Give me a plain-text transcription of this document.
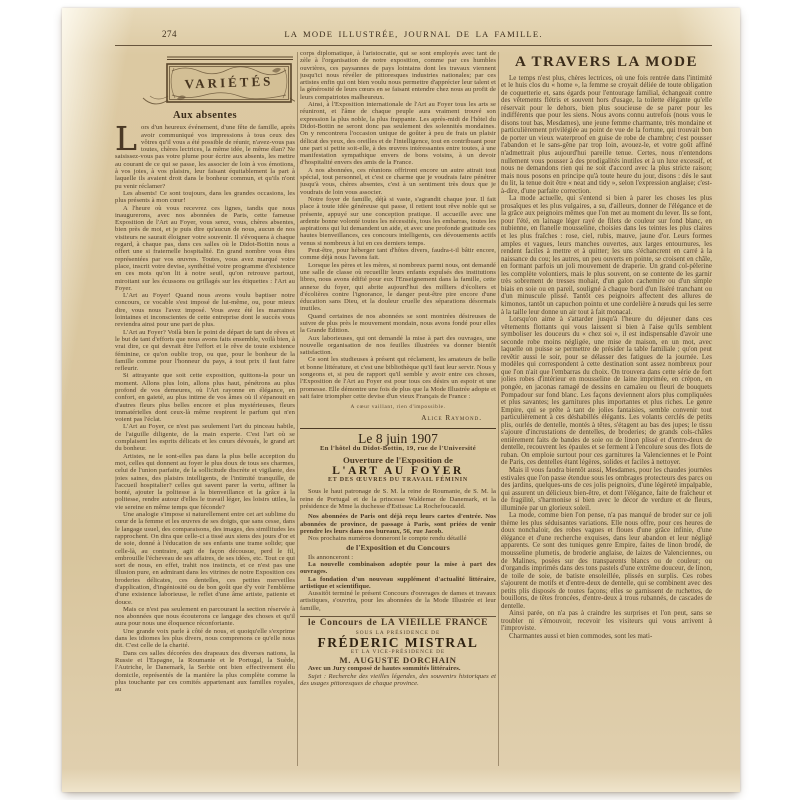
274	LA MODE ILLUSTRÉE, JOURNAL DE LA FAMILLE.
VARIÉTÉS
Aux absentes

Lors d'un heureux événement, d'une fête de famille, après avoir communiqué vos impressions à tous ceux des vôtres qu'il vous a été possible de réunir, n'avez-vous pas toutes, chères lectrices, la même idée, le même élan? Ne saisissez-vous pas votre plume pour écrire aux absents, les mettre au courant de ce qui se passe, les associer de loin à vos émotions, à vos joies, à vos plaisirs, leur faisant équitablement la part à laquelle ils avaient droit dans le bonheur commun, et qu'ils n'ont pu venir réclamer?

Les absents! Ce sont toujours, dans les grandes occasions, les plus présents à mon cœur!

A l'heure où vous recevrez ces lignes, tandis que nous inaugurerons, avec nos abonnées de Paris, cette fameuse Exposition de l'Art au Foyer, vous serez, vous, chères absentes, bien près de moi, et je puis dire qu'aucun de nous, aucun de nos visiteurs ne saurait éloigner votre souvenir. Il s'évoquera à chaque regard, à chaque pas, dans ces salles où le Didot-Bottin nous a offert une si fraternelle hospitalité. En grand nombre vous êtes représentées par vos œuvres. Toutes, vous avez marqué votre place, inscrit votre devise, synthétisé votre programme d'existence en ces mots qu'on lit à notre seuil, qu'on retrouve partout, miroitant sur les écussons ou grillagés sur les étiquettes : l'Art au Foyer.

L'Art au Foyer! Quand nous avons voulu baptiser notre concours, ce vocable s'est imposé de lui-même, ou, pour mieux dire, vous nous l'avez imposé. Vous avez été les marraines lointaines et inconscientes de cette entreprise dont le succès vous reviendra ainsi pour une part de plus.

L'Art au Foyer? Voilà bien le point de départ de tant de rêves et le but de tant d'efforts que nous avons faits ensemble, voilà bien, à vrai dire, ce qui devrait être l'effort et le rêve de toute existence féminine, ce qu'on oublie trop, ou que, pour le bonheur de la famille comme pour l'honneur du pays, à tout prix il faut faire refleurir.

Si attrayante que soit cette exposition, quittons-la pour un moment. Allons plus loin, allons plus haut, pénétrons au plus profond de vos demeures, où l'Art rayonne en élégance, en confort, en gaieté, au plus intime de vos âmes où il s'épanouit en d'autres fleurs plus belles encore et plus mystérieuses, fleurs immatérielles dont ceux-là même respirent le parfum qui n'en voient pas l'éclat.

L'Art au Foyer, ce n'est pas seulement l'art du pinceau habile, de l'aiguille diligente, de la main experte. C'est l'art où se complaisent les esprits délicats et les cœurs dévoués, le grand art du bonheur.

Artistes, ne le sont-elles pas dans la plus belle acception du mot, celles qui donnent au foyer le plus doux de tous ses charmes, celui de l'union parfaite, de la sollicitude discrète et vigilante, des joies saines, des plaisirs intelligents, de l'intimité tranquille, de l'accueil hospitalier? celles qui savent parer la vertu, affiner la bonté, ajouter la politesse à la bienveillance et la grâce à la politesse, rendre autour d'elles le travail léger, les loisirs utiles, la vie sereine en même temps que féconde?

Une analogie s'impose si naturellement entre cet art sublime du cœur de la femme et les œuvres de ses doigts, que sans cesse, dans le langage usuel, des comparaisons, des images, des similitudes les rapprochent. On dira que celle-ci a tissé aux siens des jours d'or et de soie, donné à l'éducation de ses enfants une trame solide; que celle-là, au contraire, agit de façon décousue, perd le fil, embrouille l'écheveau de ses affaires, de ses idées, etc. Tout ce qui sort de nous, en effet, trahit nos instincts, et ce n'est pas une illusion pure, en admirant dans les vitrines de notre Exposition ces broderies délicates, ces dentelles, ces petites merveilles d'application, d'ingéniosité ou de bon goût que d'y voir l'emblème d'une existence laborieuse, le reflet d'une âme artiste, patiente et douce.

Mais ce n'est pas seulement en parcourant la section réservée à nos abonnées que nous écouterons ce langage des choses et qu'il aura pour nous une éloquence réconfortante.

Une grande voix parle à côté de nous, et quoiqu'elle s'exprime dans les idiomes les plus divers, nous comprenons ce qu'elle nous dit. C'est celle de la charité.

Dans ces salles décorées des drapeaux des diverses nations, la Russie et l'Espagne, la Roumanie et le Portugal, la Suède, l'Autriche, le Danemark, la Serbie ont bien effectivement élu domicile, représentés de la manière la plus complète comme la plus touchante par ces comités appartenant aux familles royales, au

corps diplomatique, à l'aristocratie, qui se sont employés avec tant de zèle à l'organisation de notre exposition, comme par ces humbles ouvrières, ces paysannes de pays lointains dont les travaux viennent jusqu'ici nous révéler de pittoresques industries nationales; par ces artistes enfin qui ont bien voulu nous permettre d'apprécier leur talent et la générosité de leurs cœurs en se faisant entendre chez nous au profit de leurs compatriotes malheureux.

Ainsi, à l'Exposition internationale de l'Art au Foyer tous les arts se réuniront, et l'âme de chaque peuple aura vraiment trouvé son expression la plus noble, la plus frappante. Les après-midi de l'hôtel du Didot-Bottin ne seront donc pas seulement des solennités mondaines. On y rencontrera l'occasion unique de goûter à peu de frais un plaisir délicat des yeux, des oreilles et de l'intelligence, tout en contribuant pour une part si petite soit-elle, à des œuvres intéressantes entre toutes, à une manifestation sympathique envers de bons voisins, à un devoir d'hospitalité envers des amis de la France.

A nos abonnées, ces réunions offriront encore un autre attrait tout spécial, tout personnel, et c'est ce charme que je voudrais faire pénétrer jusqu'à vous, chères absentes, c'est à un sentiment très doux que je voudrais de loin vous associer.

Notre foyer de famille, déjà si vaste, s'agrandit chaque jour. Il fait place à toute idée généreuse qui passe, il retient tout rêve noble qui se présente, appuyé sur une conception pratique. Il accueille avec une ardente bonne volonté toutes les nécessités, tous les embarras, toutes les aspirations qui lui demandent un aide, et avec une profonde gratitude ces hautes bienveillances, ces concours intelligents, ces dévouements actifs venus si nombreux à lui en ces derniers temps.

Peut-être, pour héberger tant d'hôtes divers, faudra-t-il bâtir encore, comme déjà nous l'avons fait.

Lorsque les pères et les mères, si nombreux parmi nous, ont demandé une salle de classe où recueillir leurs enfants expulsés des institutions libres, nous avons édifié pour eux l'Enseignement dans la famille, cette annexe du foyer, qui abrite aujourd'hui des milliers d'écoliers et d'écolières contre l'ignorance, le danger peut-être pire encore d'une éducation sans Dieu, et la douleur cruelle des séparations désormais inutiles.

Quand certaines de nos abonnées se sont montrées désireuses de suivre de plus près le mouvement mondain, nous avons fondé pour elles la Grande Édition.

Aux laborieuses, qui ont demandé la mise à part des ouvrages, une nouvelle organisation de nos feuilles illustrées va donner bientôt satisfaction.

Ce sont les studieuses à présent qui réclament, les amateurs de belle et bonne littérature, et c'est une bibliothèque qu'il faut leur servir. Nous y songeons et, si peu de rapport qu'il semble y avoir entre ces choses, l'Exposition de l'Art au Foyer est pour tous ces désirs un espoir et une promesse. Elle démontre une fois de plus que la Mode Illustrée adopte et sait faire triompher cette devise d'un vieux Français de France :

A cœur vaillant, rien d'impossible.

Alice Raymond.

Le 8 juin 1907
En l'hôtel du Didot-Bottin, 19, rue de l'Université
Ouverture de l'Exposition de
L'ART AU FOYER
ET DES ŒUVRES DU TRAVAIL FÉMININ

Sous le haut patronage de S. M. la reine de Roumanie, de S. M. la reine de Portugal et de la princesse Waldemar de Danemark, et la présidence de Mme la duchesse d'Estissac La Rochefoucauld.

Nos abonnées de Paris ont déjà reçu leurs cartes d'entrée. Nos abonnées de province, de passage à Paris, sont priées de venir prendre les leurs dans nos bureaux, 56, rue Jacob.

Nos prochains numéros donneront le compte rendu détaillé

de l'Exposition et du Concours

Ils annonceront :

La nouvelle combinaison adoptée pour la mise à part des ouvrages.

La fondation d'un nouveau supplément d'actualité littéraire, artistique et scientifique.

Aussitôt terminé le présent Concours d'ouvrages de dames et travaux artistiques, s'ouvrira, pour les abonnées de la Mode Illustrée et leur famille,

le Concours de LA VIEILLE FRANCE
SOUS LA PRÉSIDENCE DE
FRÉDERIC MISTRAL
ET LA VICE-PRÉSIDENCE DE
M. AUGUSTE DORCHAIN

Avec un Jury composé de hautes sommités littéraires.

Sujet : Recherche des vieilles légendes, des souvenirs historiques et des usages pittoresques de chaque province.

A TRAVERS LA MODE

Le temps n'est plus, chères lectrices, où une fois rentrée dans l'intimité et le huis clos du « home », la femme se croyait déliée de toute obligation de coquetterie et, sans égards pour l'entourage familial, échangeait contre des vêtements flétris et souvent hors d'usage, la toilette élégante qu'elle réservait pour le dehors, bien plus soucieuse de se parer pour les indifférents que pour les siens. Nous avons connu autrefois (nous vous le disons tout bas, Mesdames), une jeune femme charmante, très mondaine et particulièrement privilégiée au point de vue de la fortune, qui trouvait bon de porter un vieux waterproof en guise de robe de chambre; c'est pousser l'abandon et le sans-gêne par trop loin, avouez-le, et votre goût affiné n'admettrait plus aujourd'hui pareille tenue. Certes, nous n'entendons nullement vous pousser à des prodigalités inutiles et à un luxe excessif, et nous ne demandons rien qui ne soit d'accord avec la plus stricte raison; mais nous posons en principe qu'à toute heure du jour, disons : dès le saut du lit, la tenue doit être « neat and tidy », selon l'expression anglaise; c'est-à-dire, d'une parfaite correction.

La mode actuelle, qui s'entend si bien à parer les choses les plus prosaïques et les plus vulgaires, a su, d'ailleurs, donner de l'élégance et de la grâce aux peignoirs mêmes que l'on met au moment du lever. Ils se font, pour l'été, en lainage léger rayé de filets de couleur sur fond blanc, en nubienne, en flanelle mousseline, choisies dans les teintes les plus claires et les plus fraîches : rose, ciel, rubis, mauve, jaune d'or. Leurs formes amples et vagues, leurs manches ouvertes, aux larges entournures, les rendent faciles à mettre et à quitter; les uns s'échancrent en carré à la naissance du cou; les autres, un peu ouverts en pointe, se croisent en châle, en formant parfois un joli mouvement de draperie. Un grand col-pèlerine les complète volontiers, mais le plus souvent, on se contente de les garnir très sobrement de tresses mohair, d'un galon cachemire ou d'un simple biais en soie ou en pareil, souligné à chaque bord d'un liséré tranchant ou d'un minuscule plissé. Tantôt ces peignoirs affectent des allures de kimonos, tantôt un capuchon pointu et une cordelière à nœuds qui les serre à la taille leur donne un air tout à fait monacal.

Lorsqu'on aime à s'attarder jusqu'à l'heure du déjeuner dans ces vêtements flottants qui vous laissent si bien à l'aise qu'ils semblent symboliser les douceurs du « chez soi », il est indispensable d'avoir une seconde robe moins négligée, une mise de maison, en un mot, avec laquelle on puisse se permettre de présider la table familiale ; qu'on peut revêtir aussi le soir, pour se délasser des fatigues de la journée. Les modèles qui correspondent à cette destination sont assez nombreux pour que l'on n'ait que l'embarras du choix. On trouvera dans cette série de fort jolies robes d'intérieur en mousseline de laine imprimée, en crépon, en pongée, en jaconas ramagé de dessins en camaïeu ou fleuri de bouquets Pompadour sur fond blanc. Les façons deviennent alors plus compliquées et plus savantes; les garnitures plus importantes et plus riches. Le genre Empire, qui se prête à tant de jolies fantaisies, semble convenir tout particulièrement à ces déshabillés élégants. Les volants cerclés de petits plis, ourlés de dentelle, montés à têtes, s'étagent au bas des jupes; le tissu s'ajoure d'incrustations de dentelles, de broderies; de grands cols-châles entièrement faits de bandes de soie ou de linon plissé et d'entre-deux de dentelle, recouvrent les épaules et se ferment à l'encolure sous des flots de ruban. On emploie surtout pour ces garnitures la Valenciennes et le Point de Paris, ces dentelles étant légères, solides et faciles à nettoyer.

Mais il vous faudra bientôt aussi, Mesdames, pour les chaudes journées estivales que l'on passe étendue sous les ombrages protecteurs des parcs ou des jardins, quelques-uns de ces jolis peignoirs, d'une légèreté impalpable, qui assurent un délicieux bien-être, et dont l'élégance, faite de fraîcheur et de fragilité, s'harmonise si bien avec le décor de verdure et de fleurs, illuminée par un glorieux soleil.

La mode, comme bien l'on pense, n'a pas manqué de broder sur ce joli thème les plus séduisantes variations. Elle nous offre, pour ces heures de doux nonchaloir, des robes vagues et floues d'une grâce infinie, d'une élégance et d'une recherche exquises, dans leur abandon et leur négligé apparents. Ce sont des tuniques genre Empire, faites de linon brodé, de mousseline plumetis, de broderie anglaise, de laizes de Valenciennes, ou de Malines, posées sur des transparents blancs ou de couleur; ou d'organdis imprimés dans des tons pastels d'une extrême douceur, de linon, de toile de soie, de batiste ensoleillée, plissés en surplis. Ces robes s'ajourent de motifs et d'entre-deux de dentelle, qui se combinent avec des petits plis disposés de toutes façons; elles se garnissent de ruchettes, de bouillons, de têtes froncées, d'entre-deux à trous rubannés, de cascades de dentelle.

Ainsi parée, on n'a pas à craindre les surprises et l'on peut, sans se troubler ni s'émouvoir, recevoir les visiteurs qui vous arrivent à l'improviste.

Charmantes aussi et bien commodes, sont les mati-
